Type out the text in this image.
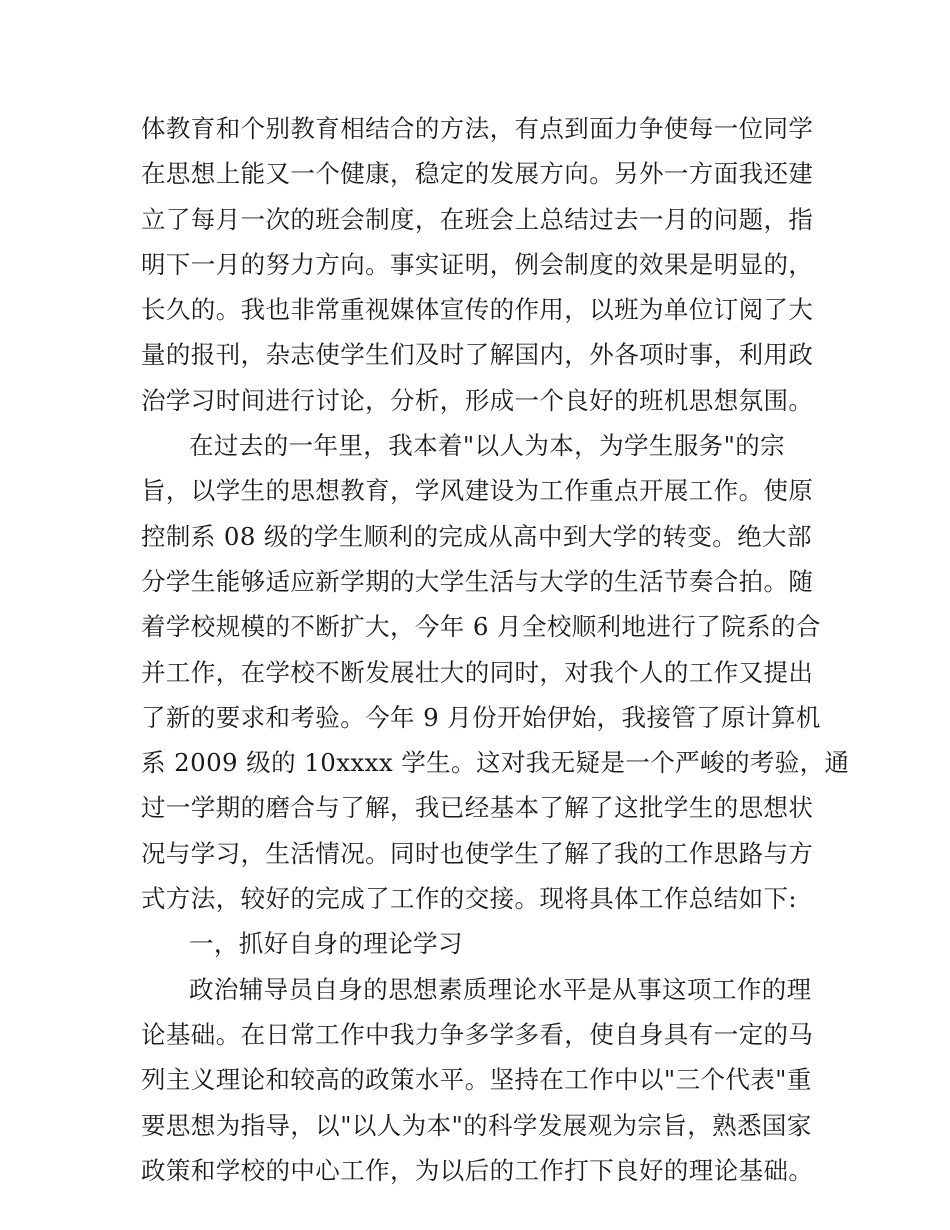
体教育和个别教育相结合的方法，有点到面力争使每一位同学
在思想上能又一个健康，稳定的发展方向。另外一方面我还建
立了每月一次的班会制度，在班会上总结过去一月的问题，指
明下一月的努力方向。事实证明，例会制度的效果是明显的，
长久的。我也非常重视媒体宣传的作用，以班为单位订阅了大
量的报刊，杂志使学生们及时了解国内，外各项时事，利用政
治学习时间进行讨论，分析，形成一个良好的班机思想氛围。
在过去的一年里，我本着"以人为本，为学生服务"的宗
旨，以学生的思想教育，学风建设为工作重点开展工作。使原
控制系 08 级的学生顺利的完成从高中到大学的转变。绝大部
分学生能够适应新学期的大学生活与大学的生活节奏合拍。随
着学校规模的不断扩大，今年 6 月全校顺利地进行了院系的合
并工作，在学校不断发展壮大的同时，对我个人的工作又提出
了新的要求和考验。今年 9 月份开始伊始，我接管了原计算机
系 2009 级的 10xxxx 学生。这对我无疑是一个严峻的考验，通
过一学期的磨合与了解，我已经基本了解了这批学生的思想状
况与学习，生活情况。同时也使学生了解了我的工作思路与方
式方法，较好的完成了工作的交接。现将具体工作总结如下:
一，抓好自身的理论学习
政治辅导员自身的思想素质理论水平是从事这项工作的理
论基础。在日常工作中我力争多学多看，使自身具有一定的马
列主义理论和较高的政策水平。坚持在工作中以"三个代表"重
要思想为指导，以"以人为本"的科学发展观为宗旨，熟悉国家
政策和学校的中心工作，为以后的工作打下良好的理论基础。
